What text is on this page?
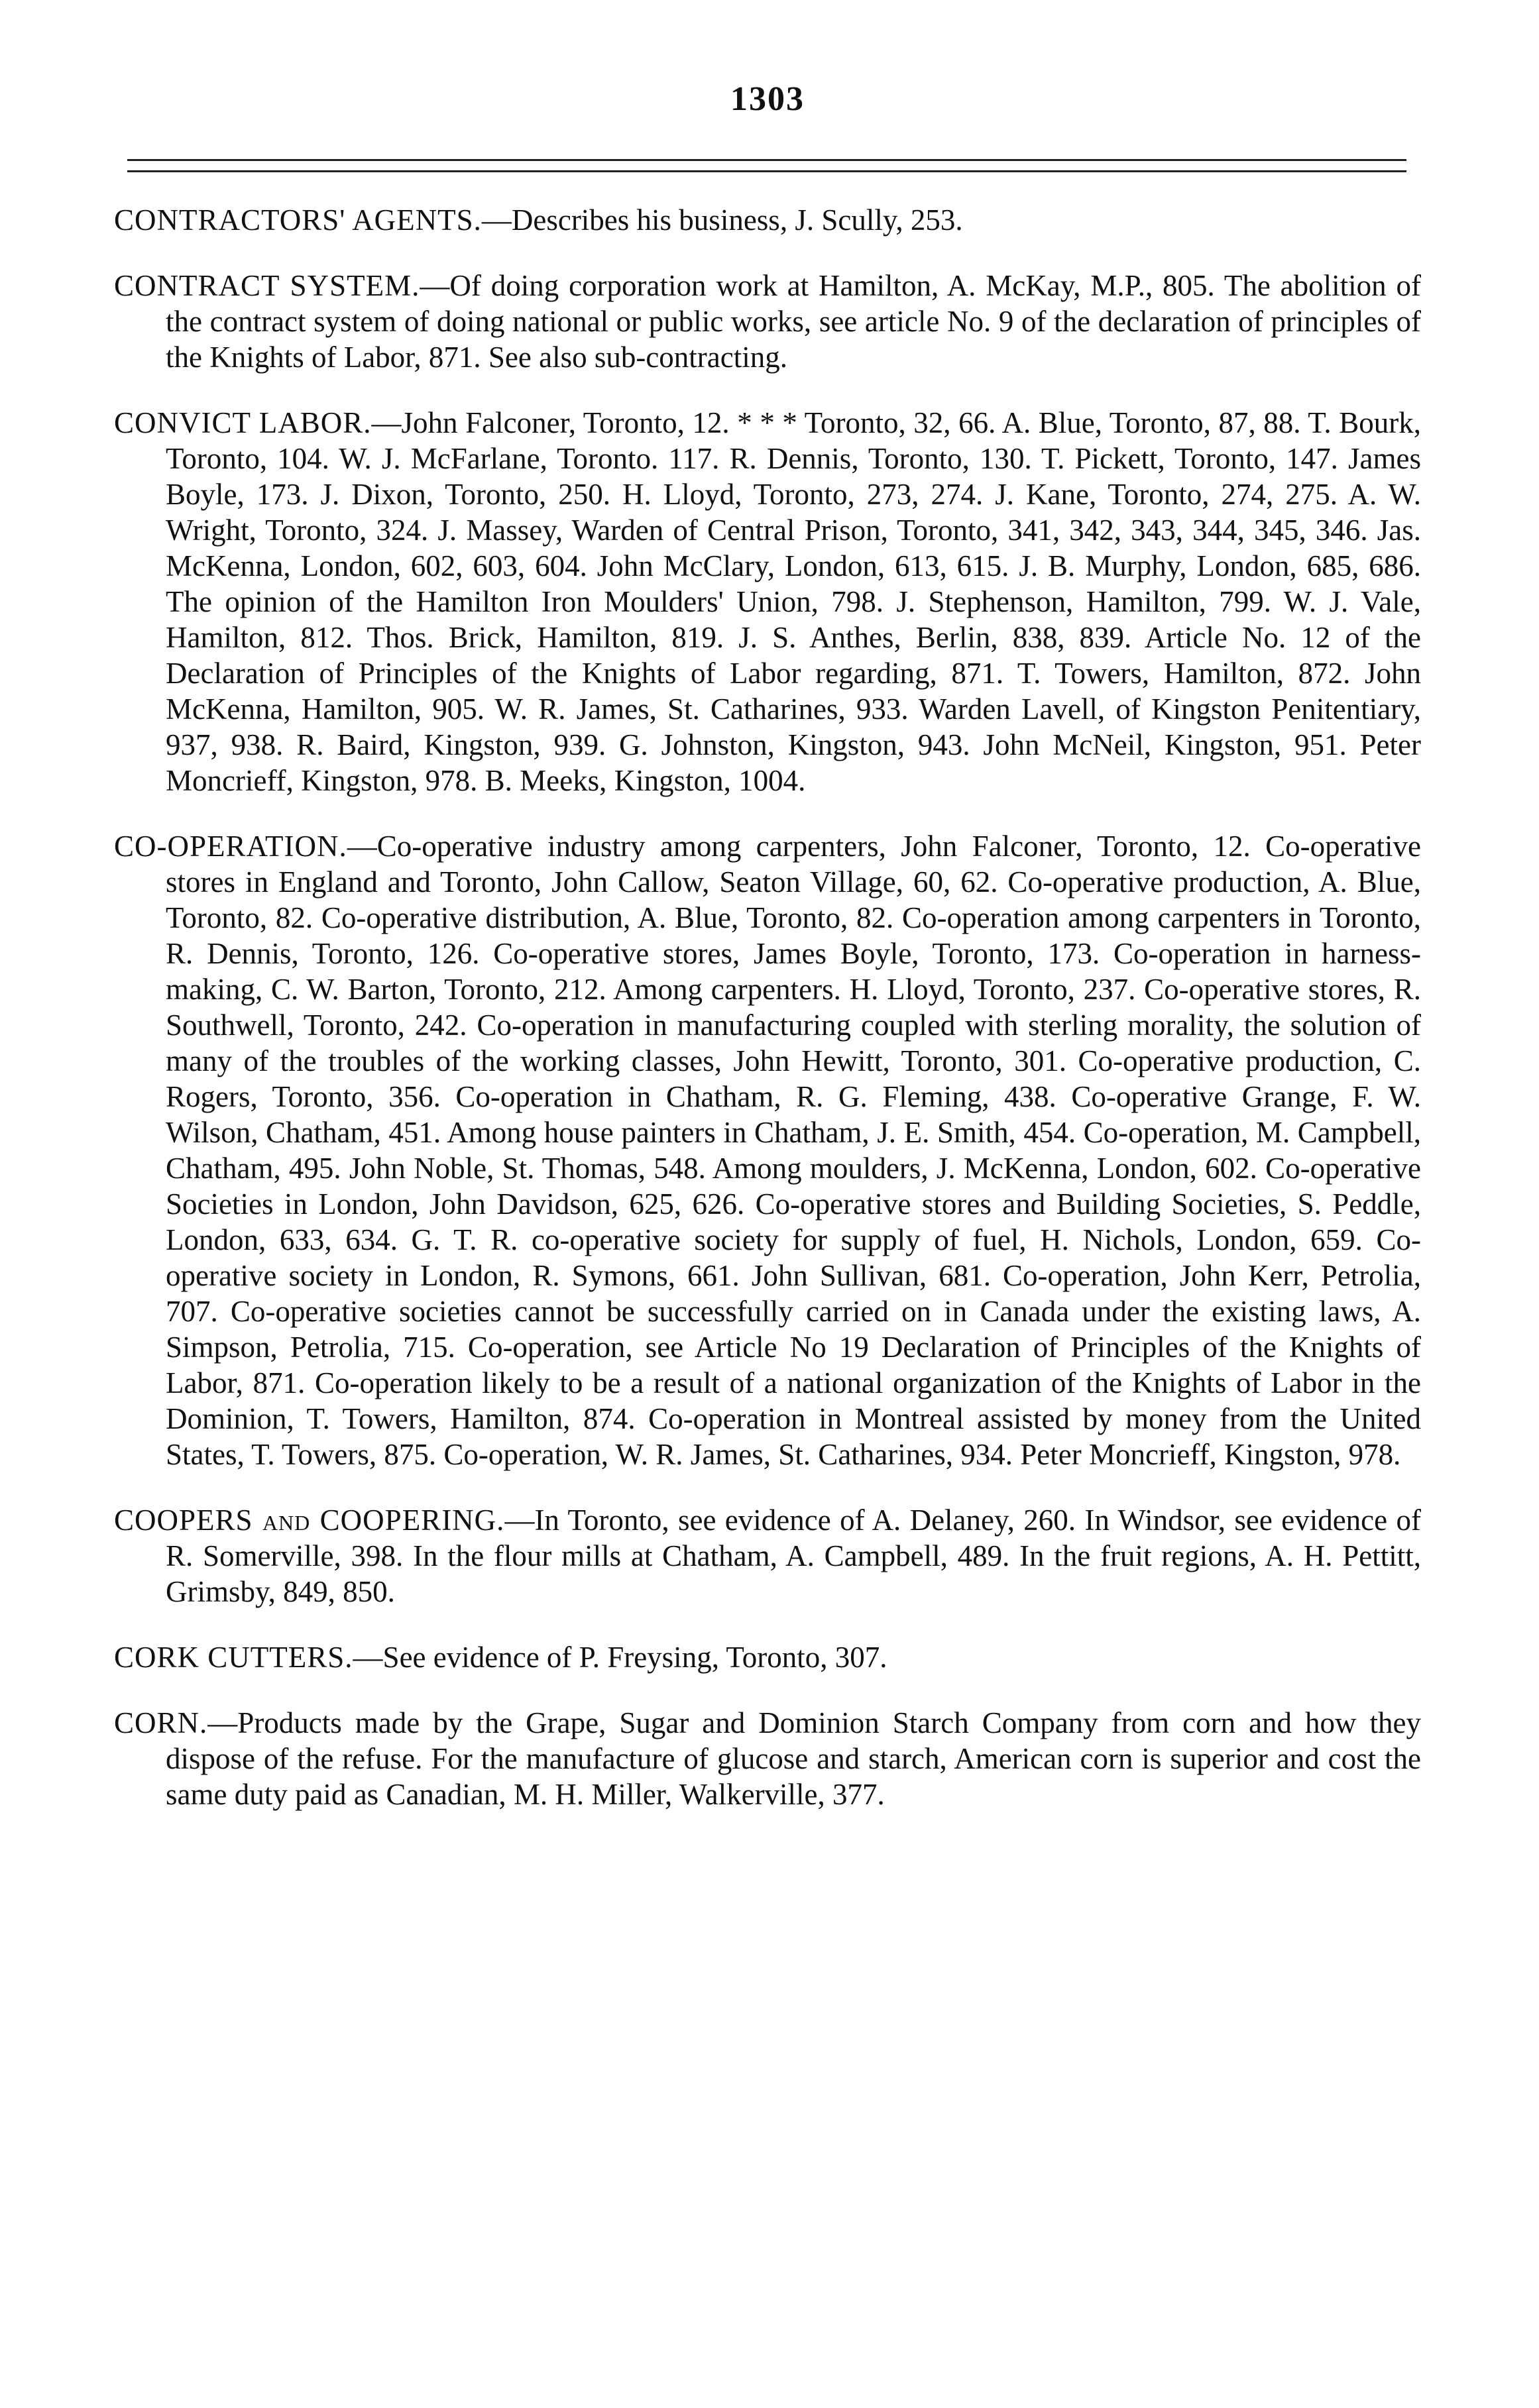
1303

CONTRACTORS' AGENTS.—Describes his business, J. Scully, 253.

CONTRACT SYSTEM.—Of doing corporation work at Hamilton, A. McKay, M.P., 805. The abolition of the contract system of doing national or public works, see article No. 9 of the declaration of principles of the Knights of Labor, 871. See also sub-contracting.

CONVICT LABOR.—John Falconer, Toronto, 12. * * * Toronto, 32, 66. A. Blue, Toronto, 87, 88. T. Bourk, Toronto, 104. W. J. McFarlane, Toronto. 117. R. Dennis, Toronto, 130. T. Pickett, Toronto, 147. James Boyle, 173. J. Dixon, Toronto, 250. H. Lloyd, Toronto, 273, 274. J. Kane, Toronto, 274, 275. A. W. Wright, Toronto, 324. J. Massey, Warden of Central Prison, Toronto, 341, 342, 343, 344, 345, 346. Jas. McKenna, London, 602, 603, 604. John McClary, London, 613, 615. J. B. Murphy, London, 685, 686. The opinion of the Hamilton Iron Moulders' Union, 798. J. Stephenson, Hamilton, 799. W. J. Vale, Hamilton, 812. Thos. Brick, Hamilton, 819. J. S. Anthes, Berlin, 838, 839. Article No. 12 of the Declaration of Principles of the Knights of Labor regarding, 871. T. Towers, Hamilton, 872. John McKenna, Hamilton, 905. W. R. James, St. Catharines, 933. Warden Lavell, of Kingston Penitentiary, 937, 938. R. Baird, Kingston, 939. G. Johnston, Kingston, 943. John McNeil, Kingston, 951. Peter Moncrieff, Kingston, 978. B. Meeks, Kingston, 1004.

CO-OPERATION.—Co-operative industry among carpenters, John Falconer, Toronto, 12. Co-operative stores in England and Toronto, John Callow, Seaton Village, 60, 62. Co-operative production, A. Blue, Toronto, 82. Co-operative distribution, A. Blue, Toronto, 82. Co-operation among carpenters in Toronto, R. Dennis, Toronto, 126. Co-operative stores, James Boyle, Toronto, 173. Co-operation in harness-making, C. W. Barton, Toronto, 212. Among carpenters. H. Lloyd, Toronto, 237. Co-operative stores, R. Southwell, Toronto, 242. Co-operation in manufacturing coupled with sterling morality, the solution of many of the troubles of the working classes, John Hewitt, Toronto, 301. Co-operative production, C. Rogers, Toronto, 356. Co-operation in Chatham, R. G. Fleming, 438. Co-operative Grange, F. W. Wilson, Chatham, 451. Among house painters in Chatham, J. E. Smith, 454. Co-operation, M. Campbell, Chatham, 495. John Noble, St. Thomas, 548. Among moulders, J. McKenna, London, 602. Co-operative Societies in London, John Davidson, 625, 626. Co-operative stores and Building Societies, S. Peddle, London, 633, 634. G. T. R. co-operative society for supply of fuel, H. Nichols, London, 659. Co-operative society in London, R. Symons, 661. John Sullivan, 681. Co-operation, John Kerr, Petrolia, 707. Co-operative societies cannot be successfully carried on in Canada under the existing laws, A. Simpson, Petrolia, 715. Co-operation, see Article No 19 Declaration of Principles of the Knights of Labor, 871. Co-operation likely to be a result of a national organization of the Knights of Labor in the Dominion, T. Towers, Hamilton, 874. Co-operation in Montreal assisted by money from the United States, T. Towers, 875. Co-operation, W. R. James, St. Catharines, 934. Peter Moncrieff, Kingston, 978.

COOPERS and COOPERING.—In Toronto, see evidence of A. Delaney, 260. In Windsor, see evidence of R. Somerville, 398. In the flour mills at Chatham, A. Campbell, 489. In the fruit regions, A. H. Pettitt, Grimsby, 849, 850.

CORK CUTTERS.—See evidence of P. Freysing, Toronto, 307.

CORN.—Products made by the Grape, Sugar and Dominion Starch Company from corn and how they dispose of the refuse. For the manufacture of glucose and starch, American corn is superior and cost the same duty paid as Canadian, M. H. Miller, Walkerville, 377.
